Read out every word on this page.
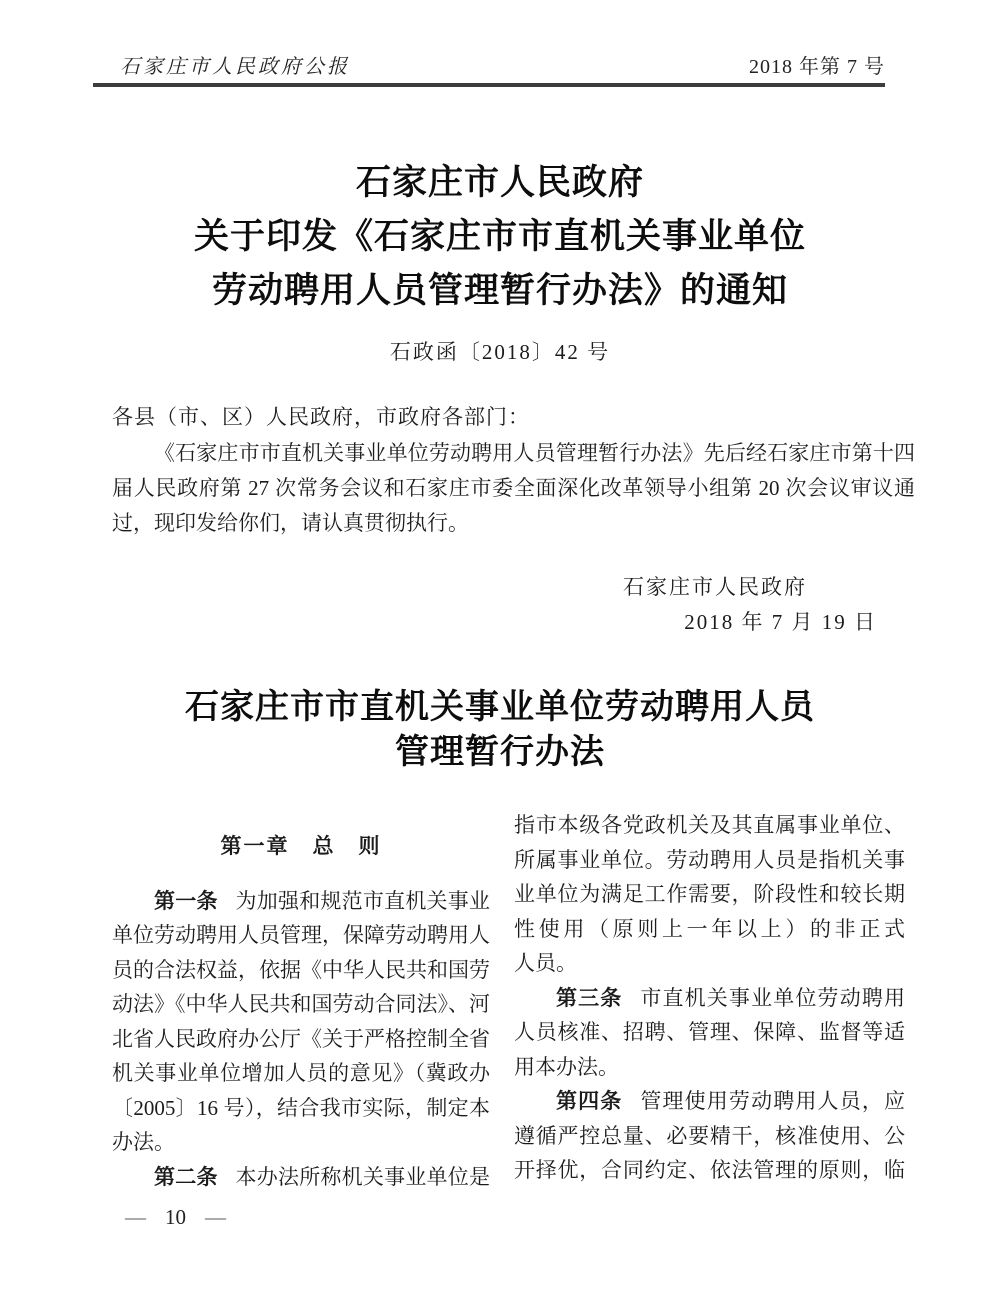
石家庄市人民政府公报	2018 年第 7 号
石家庄市人民政府
关于印发《石家庄市市直机关事业单位
劳动聘用人员管理暂行办法》的通知
石政函〔2018〕42 号
各县（市、区）人民政府，市政府各部门：
《石家庄市市直机关事业单位劳动聘用人员管理暂行办法》先后经石家庄市第十四
届人民政府第 27 次常务会议和石家庄市委全面深化改革领导小组第 20 次会议审议通
过，现印发给你们，请认真贯彻执行。
石家庄市人民政府
2018 年 7 月 19 日
石家庄市市直机关事业单位劳动聘用人员
管理暂行办法
第一章　总　则
第一条 为加强和规范市直机关事业
单位劳动聘用人员管理，保障劳动聘用人
员的合法权益，依据《中华人民共和国劳
动法》《中华人民共和国劳动合同法》、河
北省人民政府办公厅《关于严格控制全省
机关事业单位增加人员的意见》（冀政办
〔2005〕16 号），结合我市实际，制定本
办法。
第二条 本办法所称机关事业单位是
指市本级各党政机关及其直属事业单位、
所属事业单位。劳动聘用人员是指机关事
业单位为满足工作需要，阶段性和较长期
性使用（原则上一年以上）的非正式
人员。
第三条 市直机关事业单位劳动聘用
人员核准、招聘、管理、保障、监督等适
用本办法。
第四条 管理使用劳动聘用人员，应
遵循严控总量、必要精干，核准使用、公
开择优，合同约定、依法管理的原则，临
— 10 —
